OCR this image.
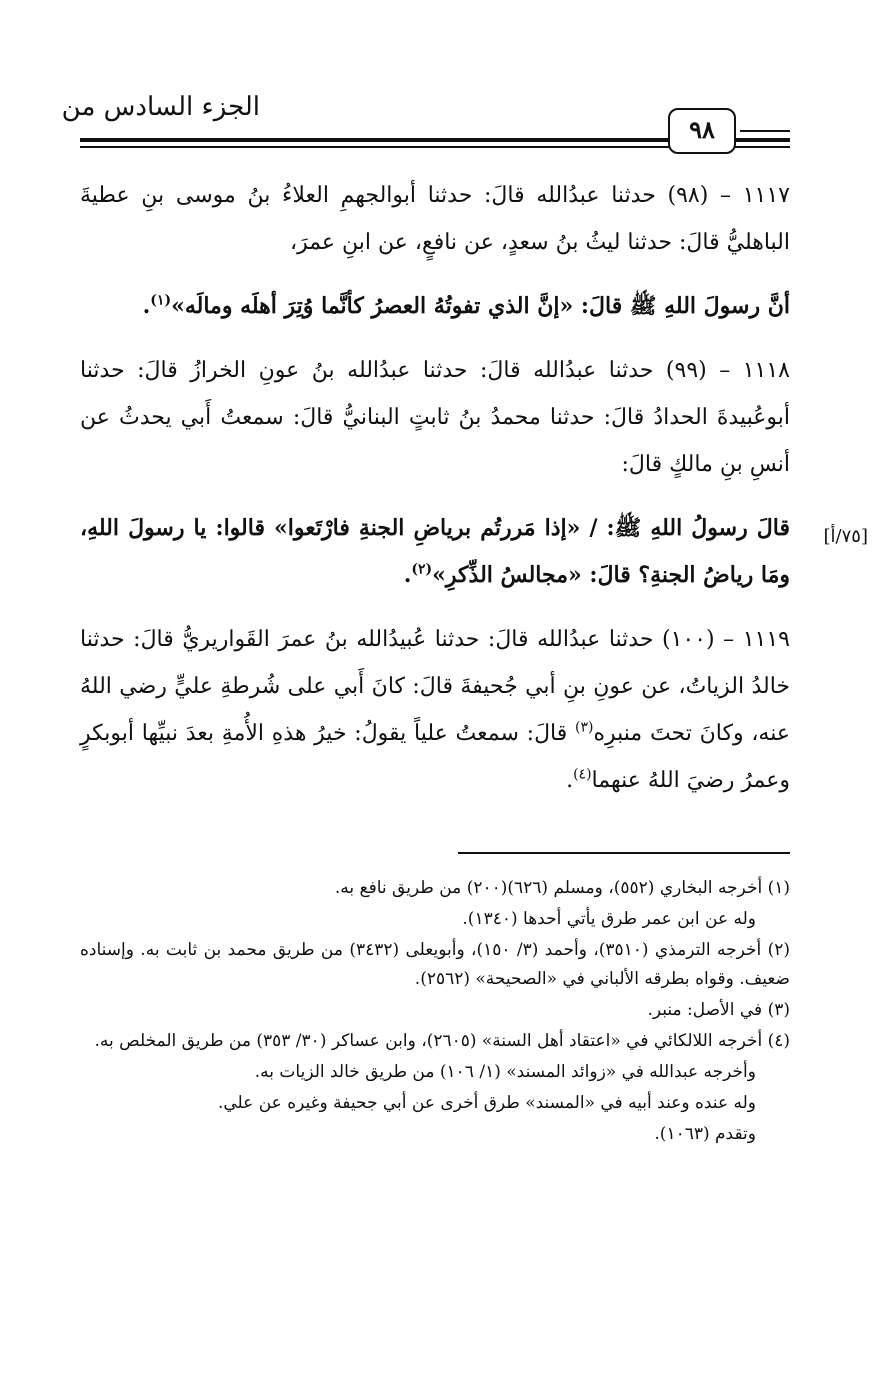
الجزء السادس من
٩٨
[٧٥/أ]

١١١٧ – (٩٨) حدثنا عبدُالله قالَ: حدثنا أبوالجهمِ العلاءُ بنُ موسى بنِ عطيةَ الباهليُّ قالَ: حدثنا ليثُ بنُ سعدٍ، عن نافعٍ، عن ابنِ عمرَ،

أنَّ رسولَ اللهِ ﷺ قالَ: «إنَّ الذي تفوتُهُ العصرُ كأنَّما وُتِرَ أهلَه ومالَه»$^{(١)}$.

١١١٨ – (٩٩) حدثنا عبدُالله قالَ: حدثنا عبدُالله بنُ عونِ الخرازُ قالَ: حدثنا أبوعُبيدةَ الحدادُ قالَ: حدثنا محمدُ بنُ ثابتٍ البنانيُّ قالَ: سمعتُ أَبي يحدثُ عن أنسِ بنِ مالكٍ قالَ:

قالَ رسولُ اللهِ ﷺ: / «إذا مَررتُم برياضِ الجنةِ فارْتَعوا» قالوا: يا رسولَ اللهِ، ومَا رياضُ الجنةِ؟ قالَ: «مجالسُ الذِّكرِ»$^{(٢)}$.

١١١٩ – (١٠٠) حدثنا عبدُالله قالَ: حدثنا عُبيدُالله بنُ عمرَ القَواريريُّ قالَ: حدثنا خالدُ الزياتُ، عن عونِ بنِ أبي جُحيفةَ قالَ: كانَ أَبي على شُرطةِ عليٍّ رضي اللهُ عنه، وكانَ تحتَ منبرِه$^{(٣)}$ قالَ: سمعتُ علياً يقولُ: خيرُ هذهِ الأُمةِ بعدَ نبيِّها أبوبكرٍ وعمرُ رضيَ اللهُ عنهما$^{(٤)}$.

(١) أخرجه البخاري (٥٥٢)، ومسلم (٦٢٦)(٢٠٠) من طريق نافع به.

وله عن ابن عمر طرق يأتي أحدها (١٣٤٠).

(٢) أخرجه الترمذي (٣٥١٠)، وأحمد (٣/ ١٥٠)، وأبويعلى (٣٤٣٢) من طريق محمد بن ثابت به. وإسناده ضعيف. وقواه بطرقه الألباني في «الصحيحة» (٢٥٦٢).

(٣) في الأصل: منبر.

(٤) أخرجه اللالكائي في «اعتقاد أهل السنة» (٢٦٠٥)، وابن عساكر (٣٠/ ٣٥٣) من طريق المخلص به.

وأخرجه عبدالله في «زوائد المسند» (١/ ١٠٦) من طريق خالد الزيات به.

وله عنده وعند أبيه في «المسند» طرق أخرى عن أبي جحيفة وغيره عن علي.

وتقدم (١٠٦٣).
